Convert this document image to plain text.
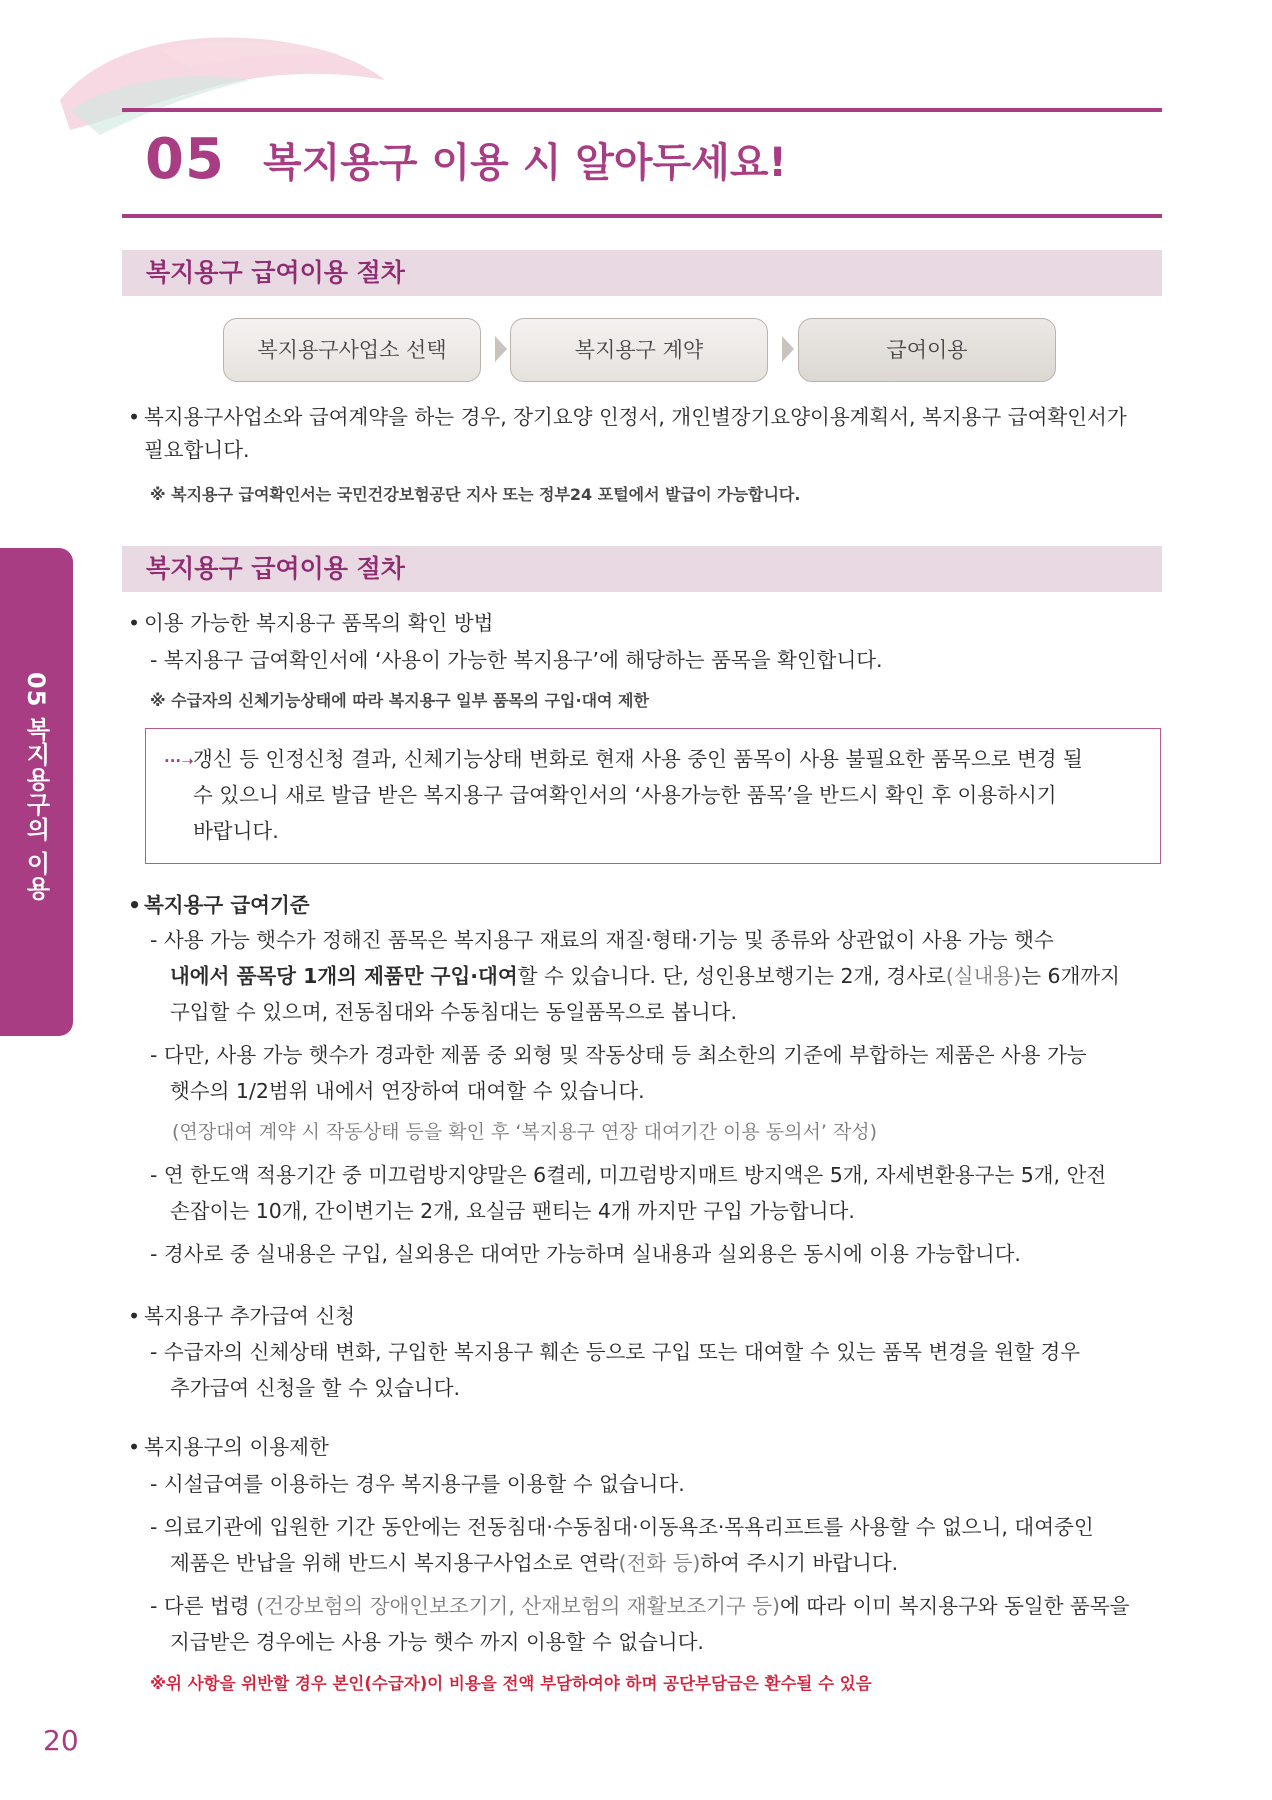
05 복지용구 이용 시 알아두세요!
복지용구 급여이용 절차
복지용구사업소 선택	복지용구 계약	급여이용
• 복지용구사업소와 급여계약을 하는 경우, 장기요양 인정서, 개인별장기요양이용계획서, 복지용구 급여확인서가
필요합니다.
※ 복지용구 급여확인서는 국민건강보험공단 지사 또는 정부24 포털에서 발급이 가능합니다.
복지용구 급여이용 절차
• 이용 가능한 복지용구 품목의 확인 방법
- 복지용구 급여확인서에 ‘사용이 가능한 복지용구’에 해당하는 품목을 확인합니다.
※ 수급자의 신체기능상태에 따라 복지용구 일부 품목의 구입·대여 제한
···➝ 갱신 등 인정신청 결과, 신체기능상태 변화로 현재 사용 중인 품목이 사용 불필요한 품목으로 변경 될
수 있으니 새로 발급 받은 복지용구 급여확인서의 ‘사용가능한 품목’을 반드시 확인 후 이용하시기
바랍니다.
• 복지용구 급여기준
- 사용 가능 햇수가 정해진 품목은 복지용구 재료의 재질·형태·기능 및 종류와 상관없이 사용 가능 햇수
내에서 품목당 1개의 제품만 구입·대여할 수 있습니다. 단, 성인용보행기는 2개, 경사로(실내용)는 6개까지
구입할 수 있으며, 전동침대와 수동침대는 동일품목으로 봅니다.
- 다만, 사용 가능 햇수가 경과한 제품 중 외형 및 작동상태 등 최소한의 기준에 부합하는 제품은 사용 가능
햇수의 1/2범위 내에서 연장하여 대여할 수 있습니다.
(연장대여 계약 시 작동상태 등을 확인 후 ‘복지용구 연장 대여기간 이용 동의서’ 작성)
- 연 한도액 적용기간 중 미끄럼방지양말은 6켤레, 미끄럼방지매트 방지액은 5개, 자세변환용구는 5개, 안전
손잡이는 10개, 간이변기는 2개, 요실금 팬티는 4개 까지만 구입 가능합니다.
- 경사로 중 실내용은 구입, 실외용은 대여만 가능하며 실내용과 실외용은 동시에 이용 가능합니다.
• 복지용구 추가급여 신청
- 수급자의 신체상태 변화, 구입한 복지용구 훼손 등으로 구입 또는 대여할 수 있는 품목 변경을 원할 경우
추가급여 신청을 할 수 있습니다.
• 복지용구의 이용제한
- 시설급여를 이용하는 경우 복지용구를 이용할 수 없습니다.
- 의료기관에 입원한 기간 동안에는 전동침대·수동침대·이동욕조·목욕리프트를 사용할 수 없으니, 대여중인
제품은 반납을 위해 반드시 복지용구사업소로 연락(전화 등)하여 주시기 바랍니다.
- 다른 법령 (건강보험의 장애인보조기기, 산재보험의 재활보조기구 등)에 따라 이미 복지용구와 동일한 품목을
지급받은 경우에는 사용 가능 햇수 까지 이용할 수 없습니다.
※위 사항을 위반할 경우 본인(수급자)이 비용을 전액 부담하여야 하며 공단부담금은 환수될 수 있음
05 복지용구의 이용
20
